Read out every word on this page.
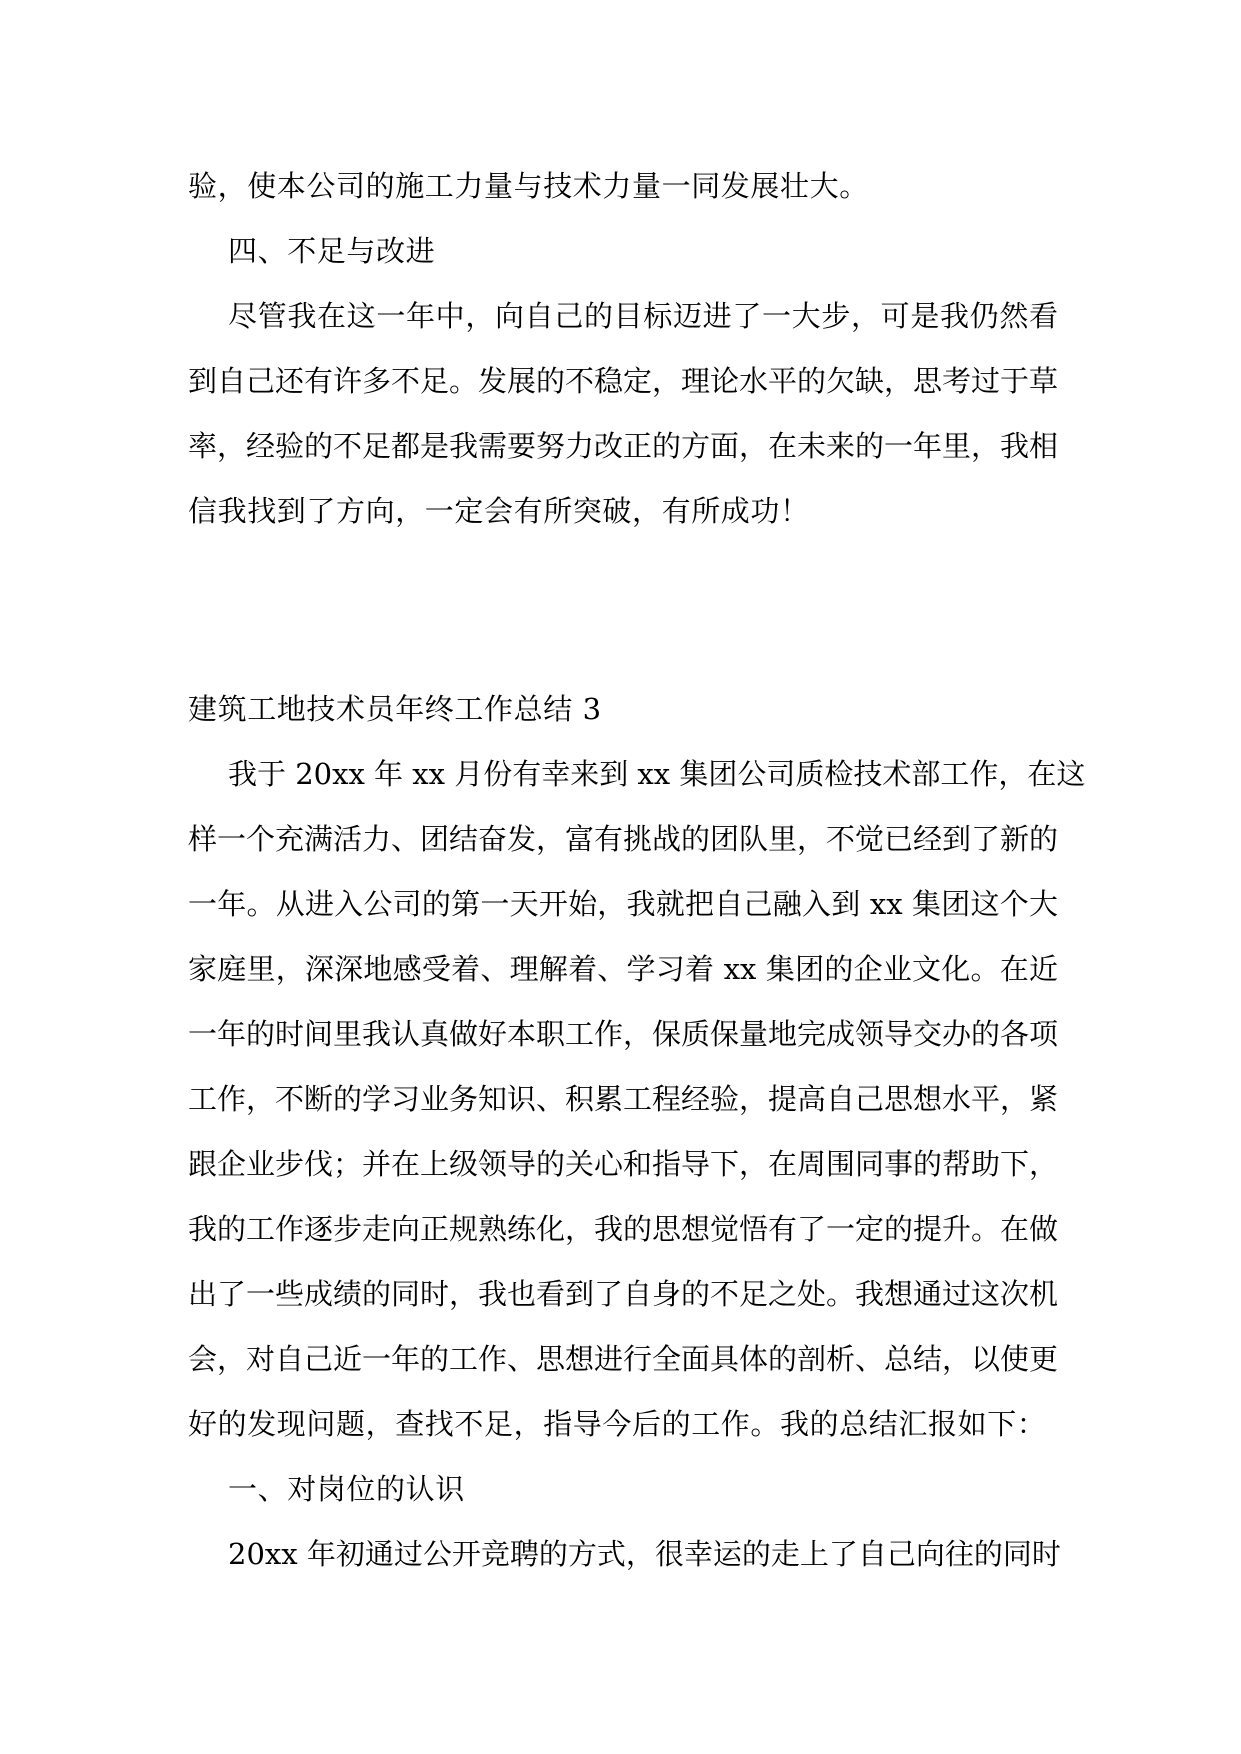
验，使本公司的施工力量与技术力量一同发展壮大。
四、不足与改进
尽管我在这一年中，向自己的目标迈进了一大步，可是我仍然看
到自己还有许多不足。发展的不稳定，理论水平的欠缺，思考过于草
率，经验的不足都是我需要努力改正的方面，在未来的一年里，我相
信我找到了方向，一定会有所突破，有所成功！
建筑工地技术员年终工作总结 3
我于 20xx 年 xx 月份有幸来到 xx 集团公司质检技术部工作，在这
样一个充满活力、团结奋发，富有挑战的团队里，不觉已经到了新的
一年。从进入公司的第一天开始，我就把自己融入到 xx 集团这个大
家庭里，深深地感受着、理解着、学习着 xx 集团的企业文化。在近
一年的时间里我认真做好本职工作，保质保量地完成领导交办的各项
工作，不断的学习业务知识、积累工程经验，提高自己思想水平，紧
跟企业步伐；并在上级领导的关心和指导下，在周围同事的帮助下，
我的工作逐步走向正规熟练化，我的思想觉悟有了一定的提升。在做
出了一些成绩的同时，我也看到了自身的不足之处。我想通过这次机
会，对自己近一年的工作、思想进行全面具体的剖析、总结，以使更
好的发现问题，查找不足，指导今后的工作。我的总结汇报如下：
一、对岗位的认识
20xx 年初通过公开竞聘的方式，很幸运的走上了自己向往的同时
